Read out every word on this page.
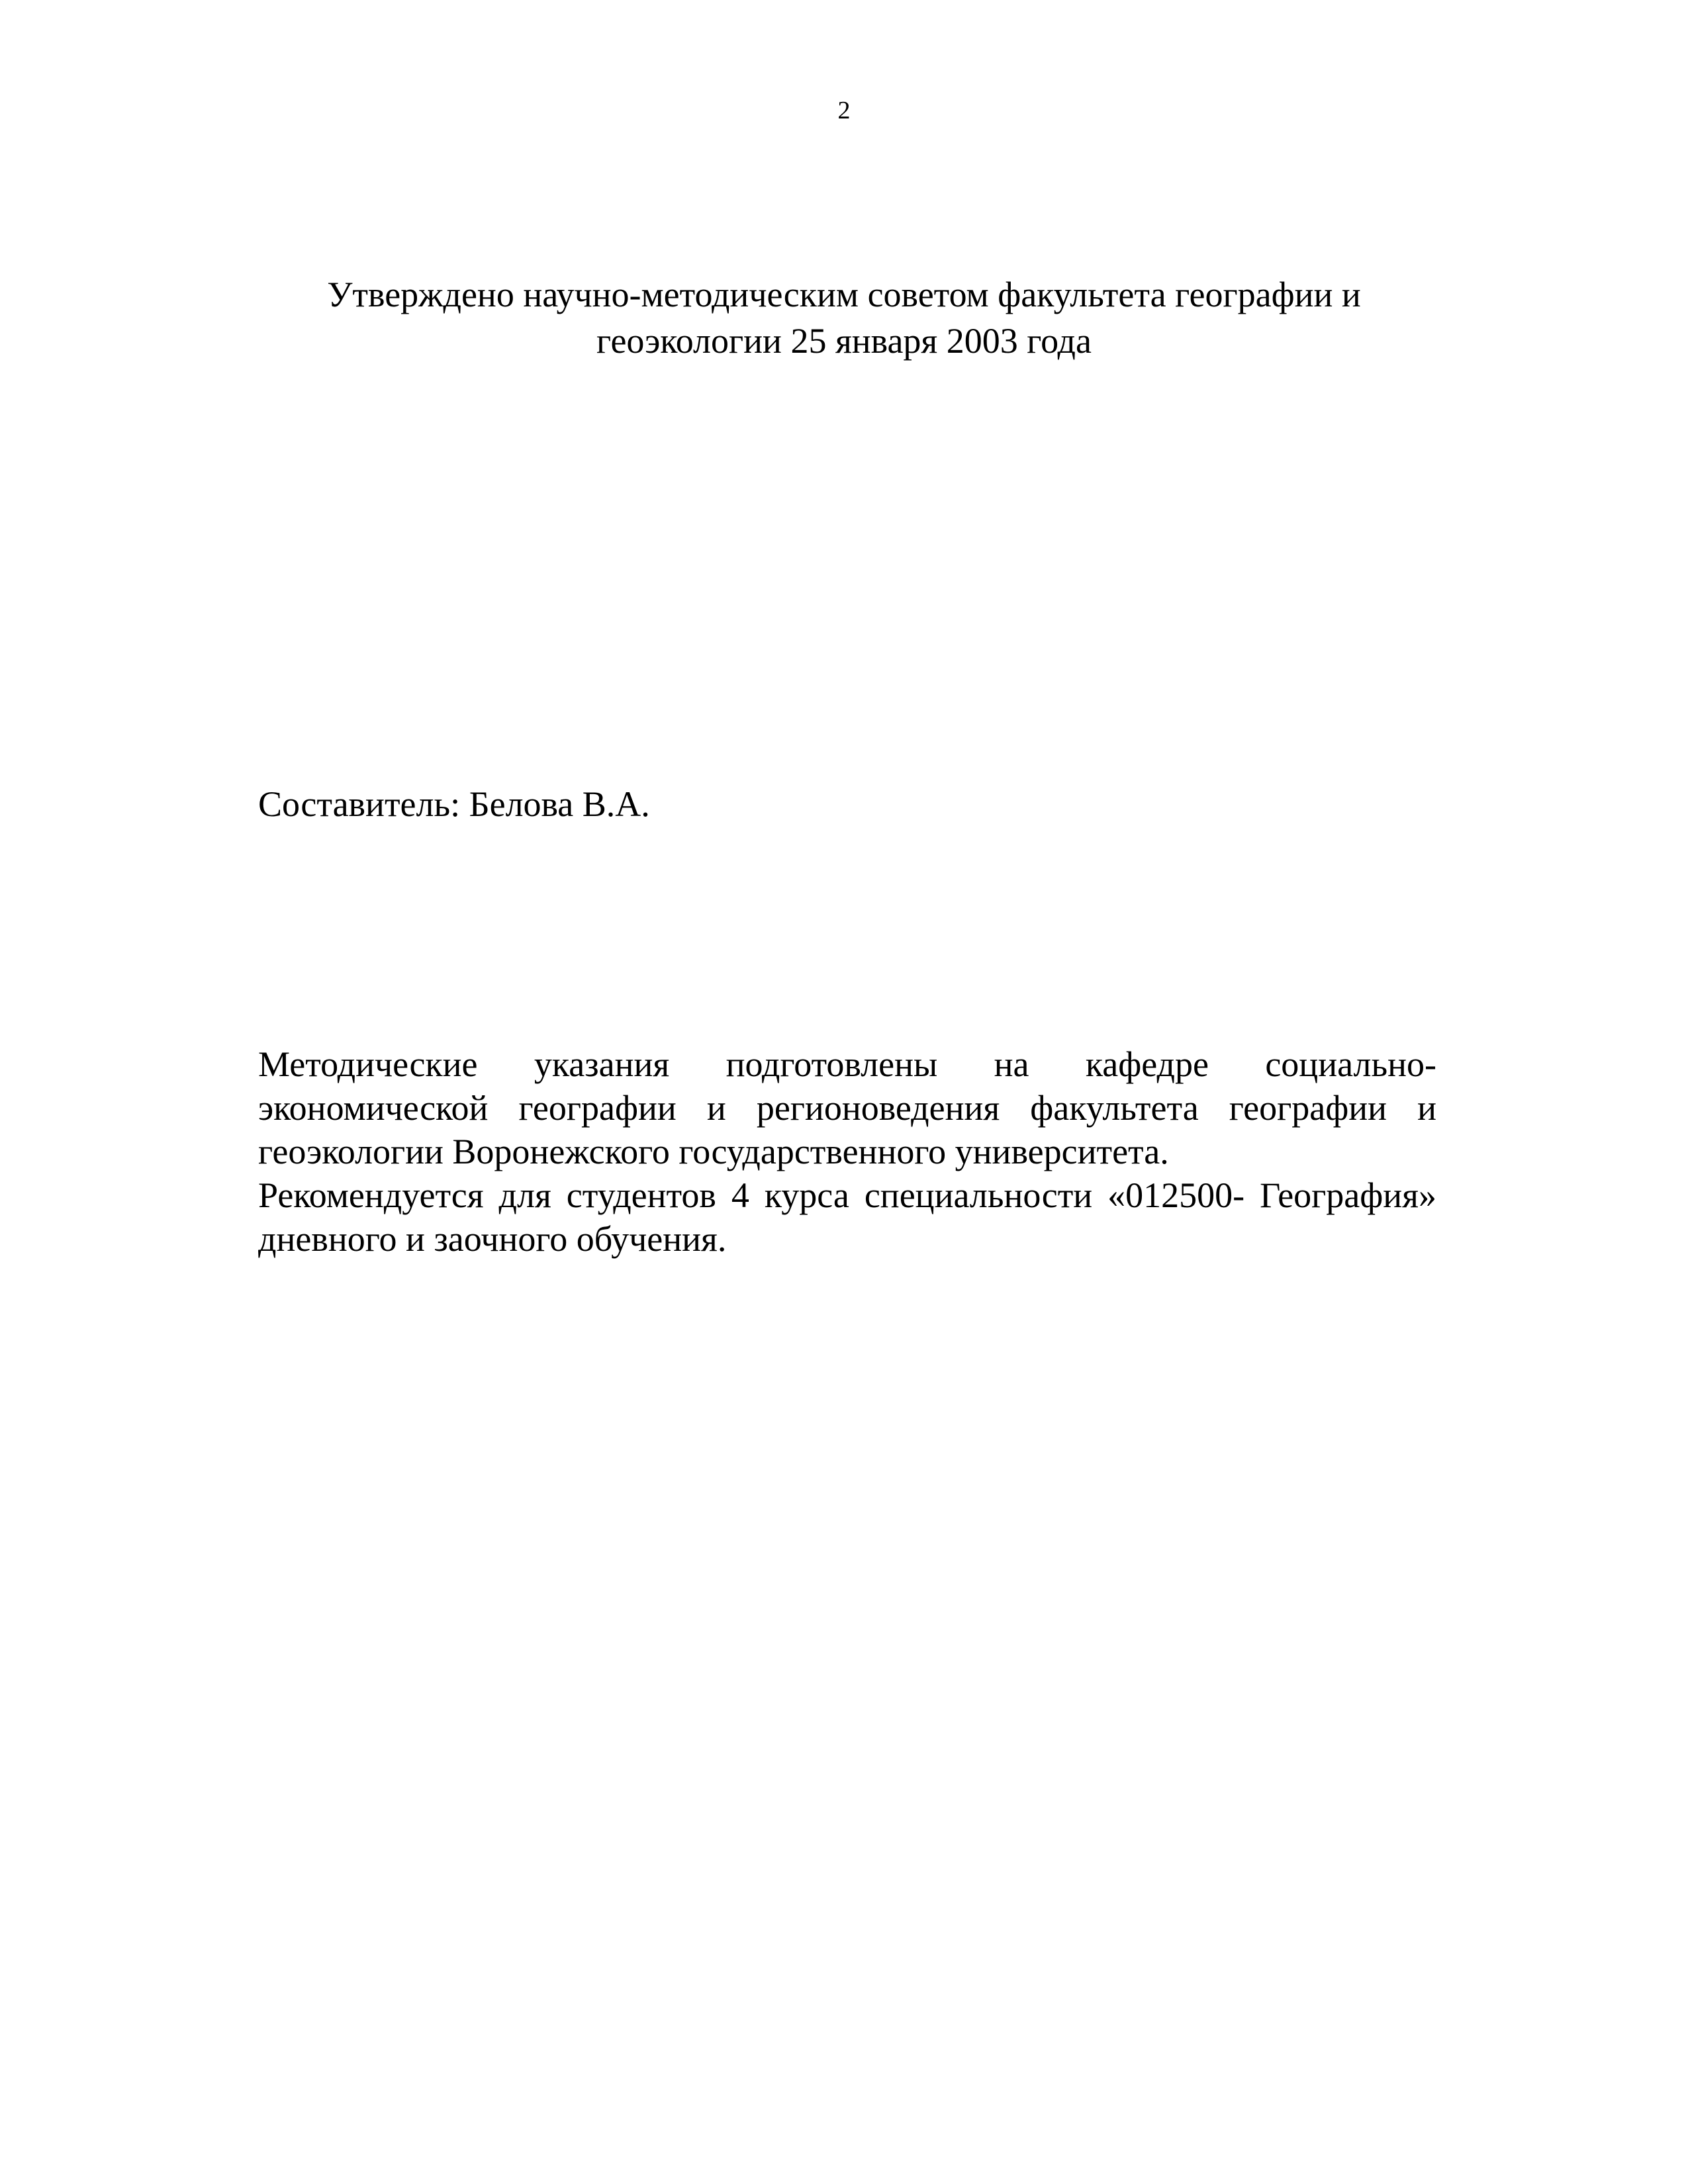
2
Утверждено научно-методическим советом факультета географии и
геоэкологии 25 января 2003 года
Составитель: Белова В.А.

Методические указания подготовлены на кафедре социально-

экономической географии и регионоведения факультета географии и

геоэкологии Воронежского государственного университета.

Рекомендуется для студентов 4 курса специальности «012500- География»

дневного и заочного обучения.
